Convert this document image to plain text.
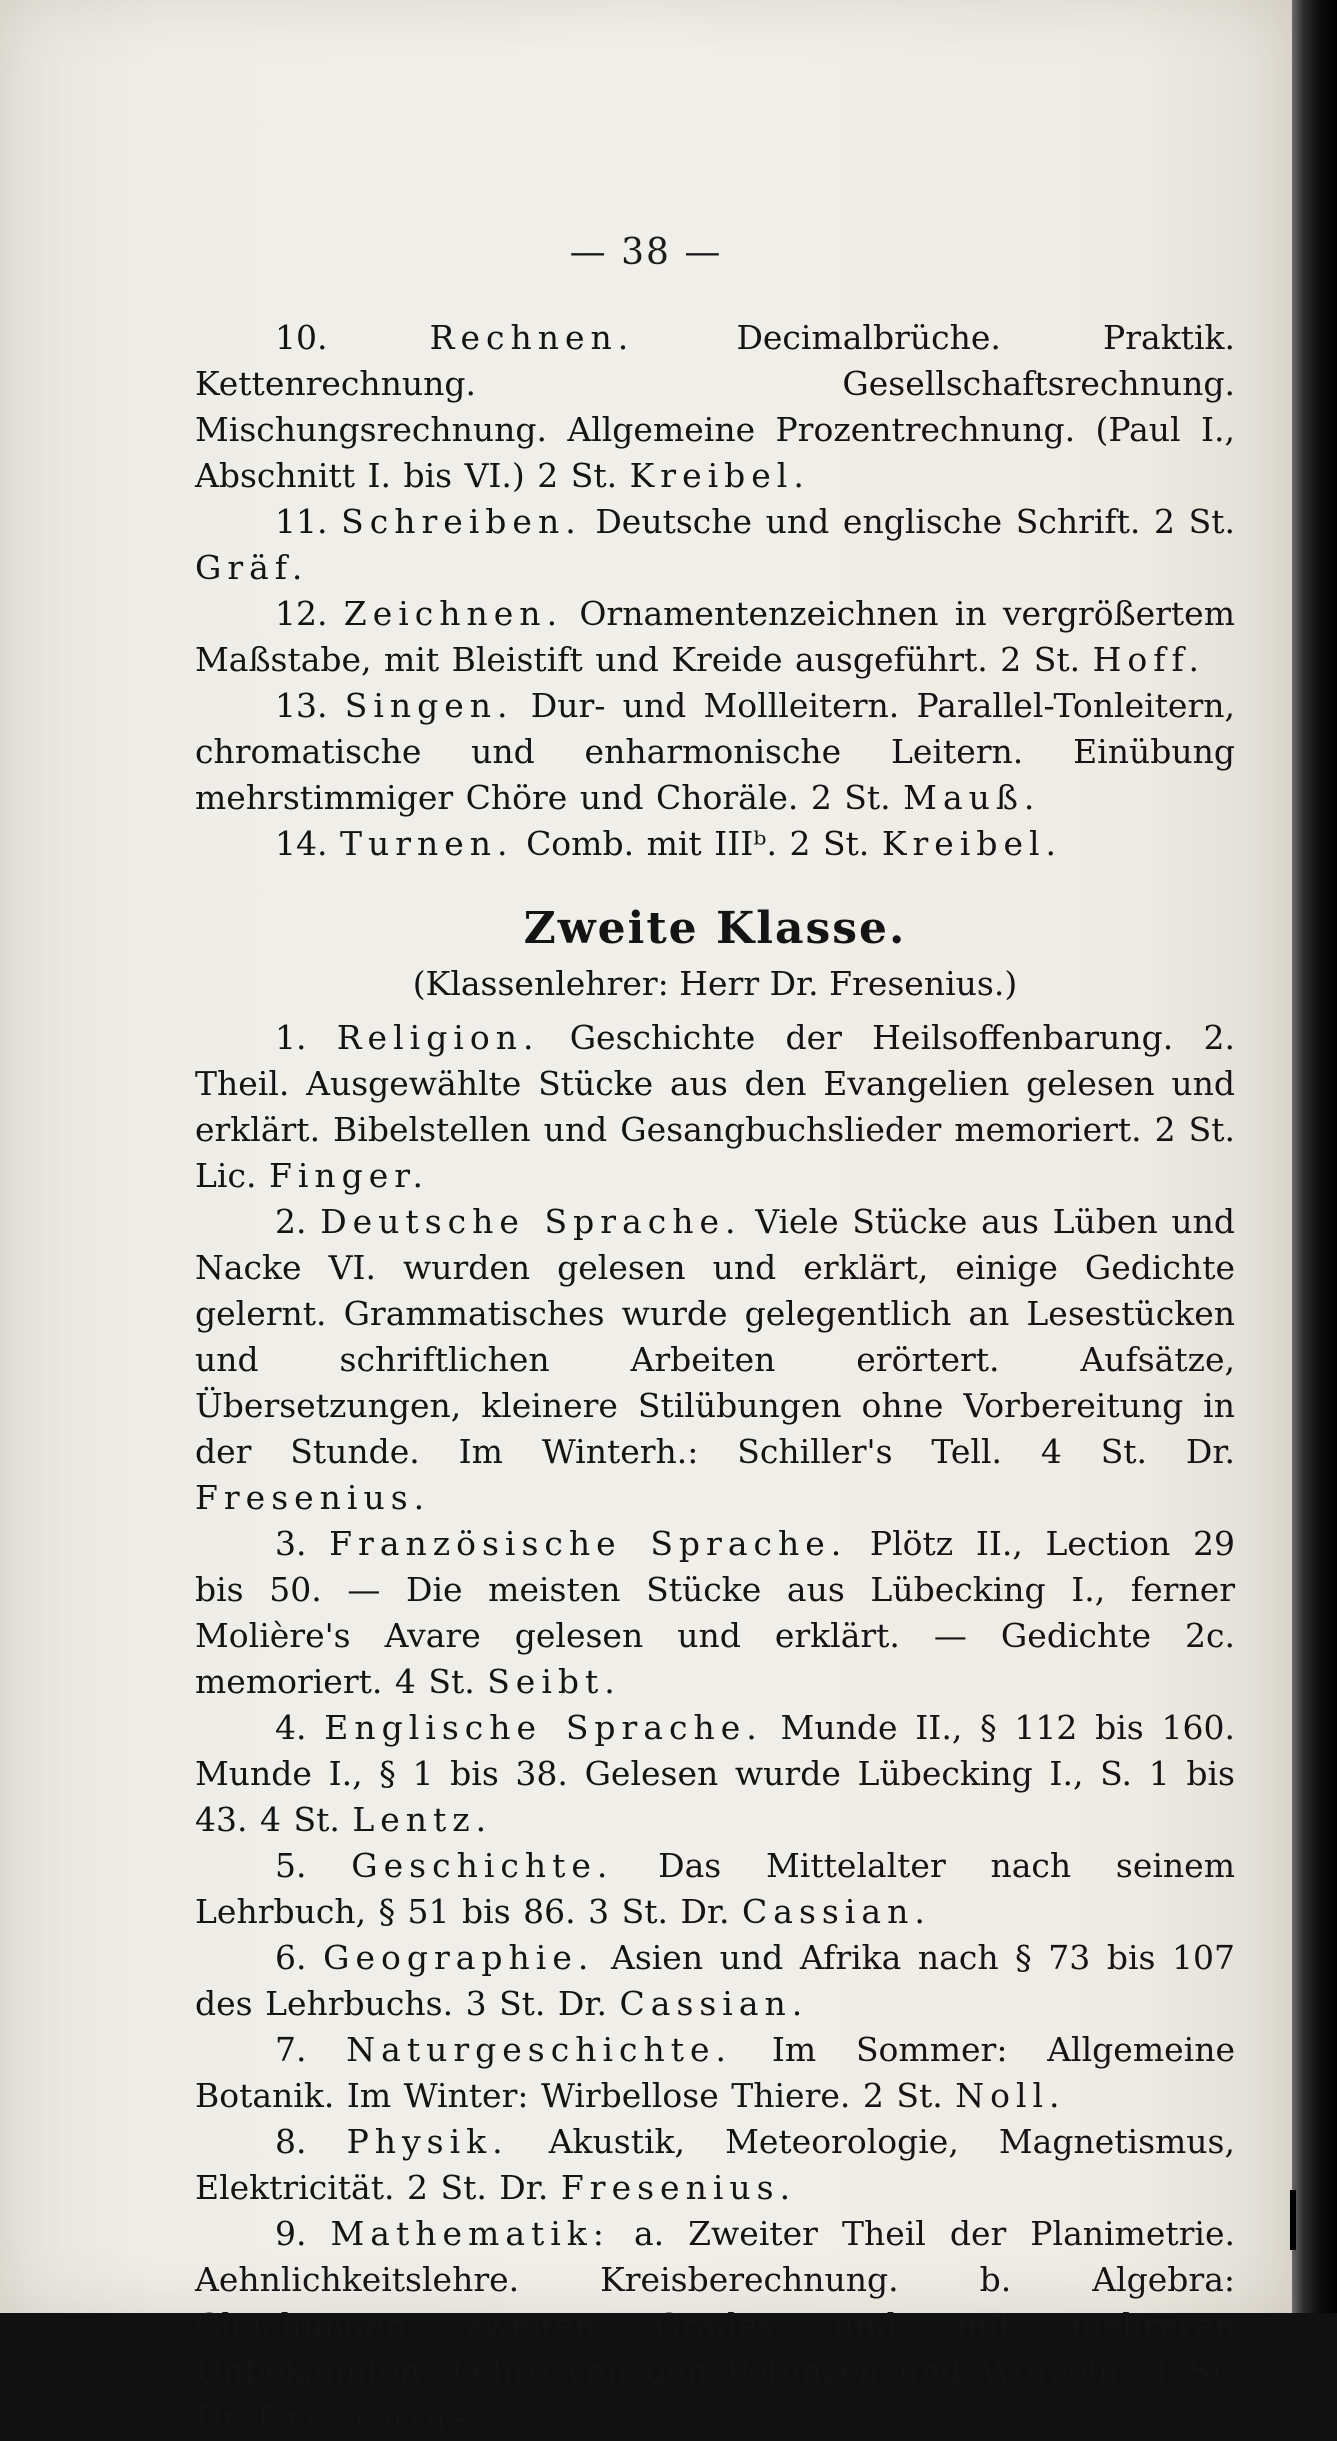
— 38 —

10.	Rechnen.	Decimalbrüche. Praktik. Kettenrechnung. Gesellschaftsrechnung. Mischungsrechnung. Allgemeine Prozentrechnung. (Paul I., Abschnitt I. bis VI.) 2 St. Kreibel.

11. Schreiben. Deutsche und englische Schrift. 2 St. Gräf.

12. Zeichnen. Ornamentenzeichnen in vergrößertem Maßstabe, mit Bleistift und Kreide ausgeführt. 2 St. Hoff.

13. Singen. Dur- und Mollleitern. Parallel-Tonleitern, chromatische und enharmonische Leitern. Einübung mehrstimmiger Chöre und Choräle. 2 St. Mauß.

14. Turnen. Comb. mit IIIᵇ. 2 St. Kreibel.

Zweite Klasse.
(Klassenlehrer: Herr Dr. Fresenius.)

1. Religion. Geschichte der Heilsoffenbarung. 2. Theil. Ausgewählte Stücke aus den Evangelien gelesen und erklärt. Bibelstellen und Gesangbuchslieder memoriert. 2 St. Lic. Finger.

2. Deutsche Sprache. Viele Stücke aus Lüben und Nacke VI. wurden gelesen und erklärt, einige Gedichte gelernt. Grammatisches wurde gelegentlich an Lesestücken und schriftlichen Arbeiten erörtert. Aufsätze, Übersetzungen, kleinere Stilübungen ohne Vorbereitung in der Stunde. Im Winterh.: Schiller's Tell. 4 St. Dr. Fresenius.

3. Französische Sprache. Plötz II., Lection 29 bis 50. — Die meisten Stücke aus Lübecking I., ferner Molière's Avare gelesen und erklärt. — Gedichte 2c. memoriert. 4 St. Seibt.

4. Englische Sprache. Munde II., § 112 bis 160. Munde I., § 1 bis 38. Gelesen wurde Lübecking I., S. 1 bis 43. 4 St. Lentz.

5. Geschichte. Das Mittelalter nach seinem Lehrbuch, § 51 bis 86. 3 St. Dr. Cassian.

6. Geographie. Asien und Afrika nach § 73 bis 107 des Lehrbuchs. 3 St. Dr. Cassian.

7. Naturgeschichte. Im Sommer: Allgemeine Botanik. Im Winter: Wirbellose Thiere. 2 St. Noll.

8. Physik. Akustik, Meteorologie, Magnetismus, Elektricität. 2 St. Dr. Fresenius.

9. Mathematik: a. Zweiter Theil der Planimetrie. Aehnlichkeitslehre. Kreisberechnung. b. Algebra: Gleichungen zweiten Grades und mit mehreren Unbekannten. Lehre von den Potenzen und Wurzeln. 4 St. Dr. Fresenius.
